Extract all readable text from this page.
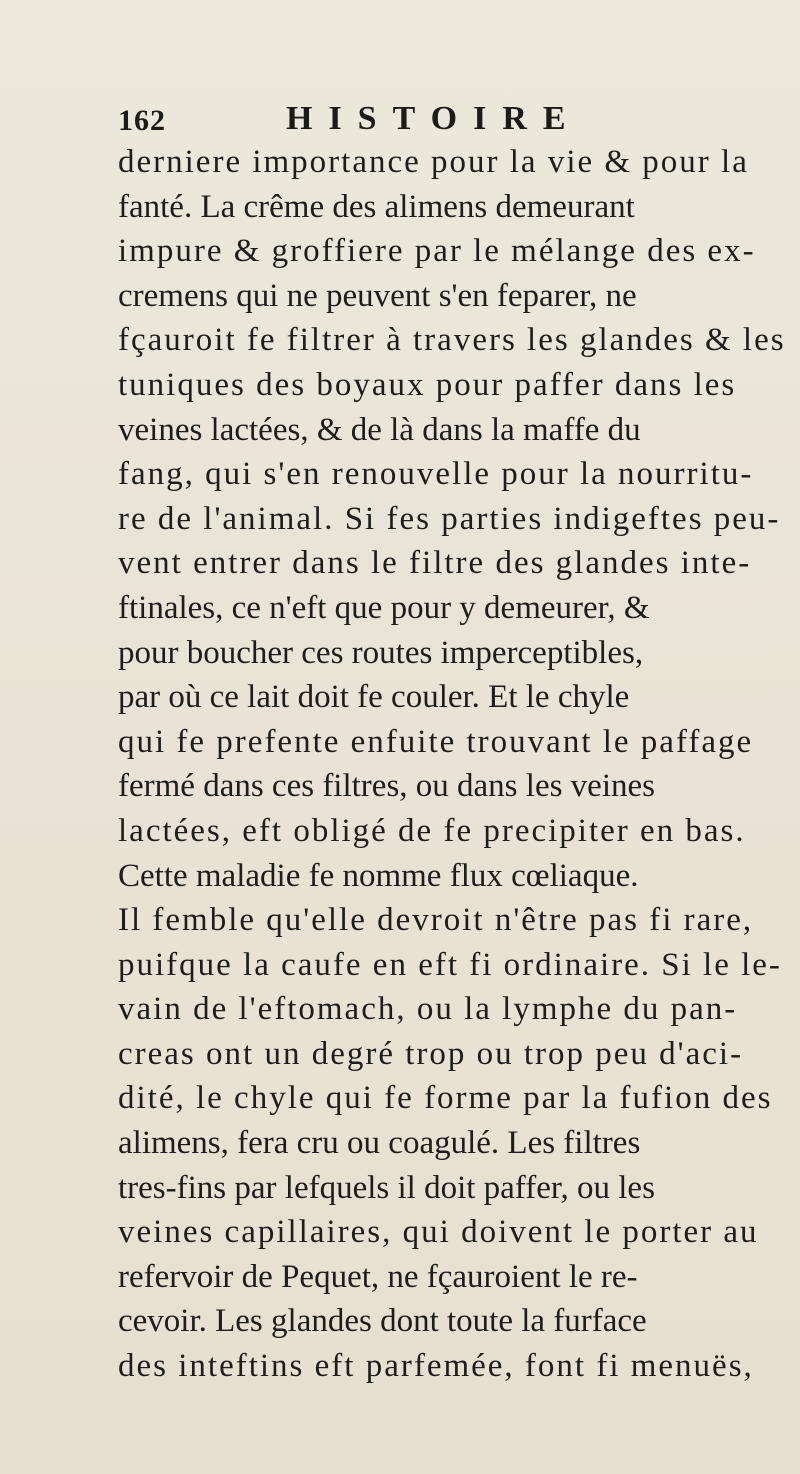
162	HISTOIRE
derniere importance pour la vie & pour la
fanté. La crême des alimens demeurant
impure & groffiere par le mélange des ex-
cremens qui ne peuvent s'en feparer, ne
fçauroit fe filtrer à travers les glandes & les
tuniques des boyaux pour paffer dans les
veines lactées, & de là dans la maffe du
fang, qui s'en renouvelle pour la nourritu-
re de l'animal. Si fes parties indigeftes peu-
vent entrer dans le filtre des glandes inte-
ftinales, ce n'eft que pour y demeurer, &
pour boucher ces routes imperceptibles,
par où ce lait doit fe couler. Et le chyle
qui fe prefente enfuite trouvant le paffage
fermé dans ces filtres, ou dans les veines
lactées, eft obligé de fe precipiter en bas.
Cette maladie fe nomme flux cœliaque.
Il femble qu'elle devroit n'être pas fi rare,
puifque la caufe en eft fi ordinaire. Si le le-
vain de l'eftomach, ou la lymphe du pan-
creas ont un degré trop ou trop peu d'aci-
dité, le chyle qui fe forme par la fufion des
alimens, fera cru ou coagulé. Les filtres
tres-fins par lefquels il doit paffer, ou les
veines capillaires, qui doivent le porter au
refervoir de Pequet, ne fçauroient le re-
cevoir. Les glandes dont toute la furface
des inteftins eft parfemée, font fi menuës,
